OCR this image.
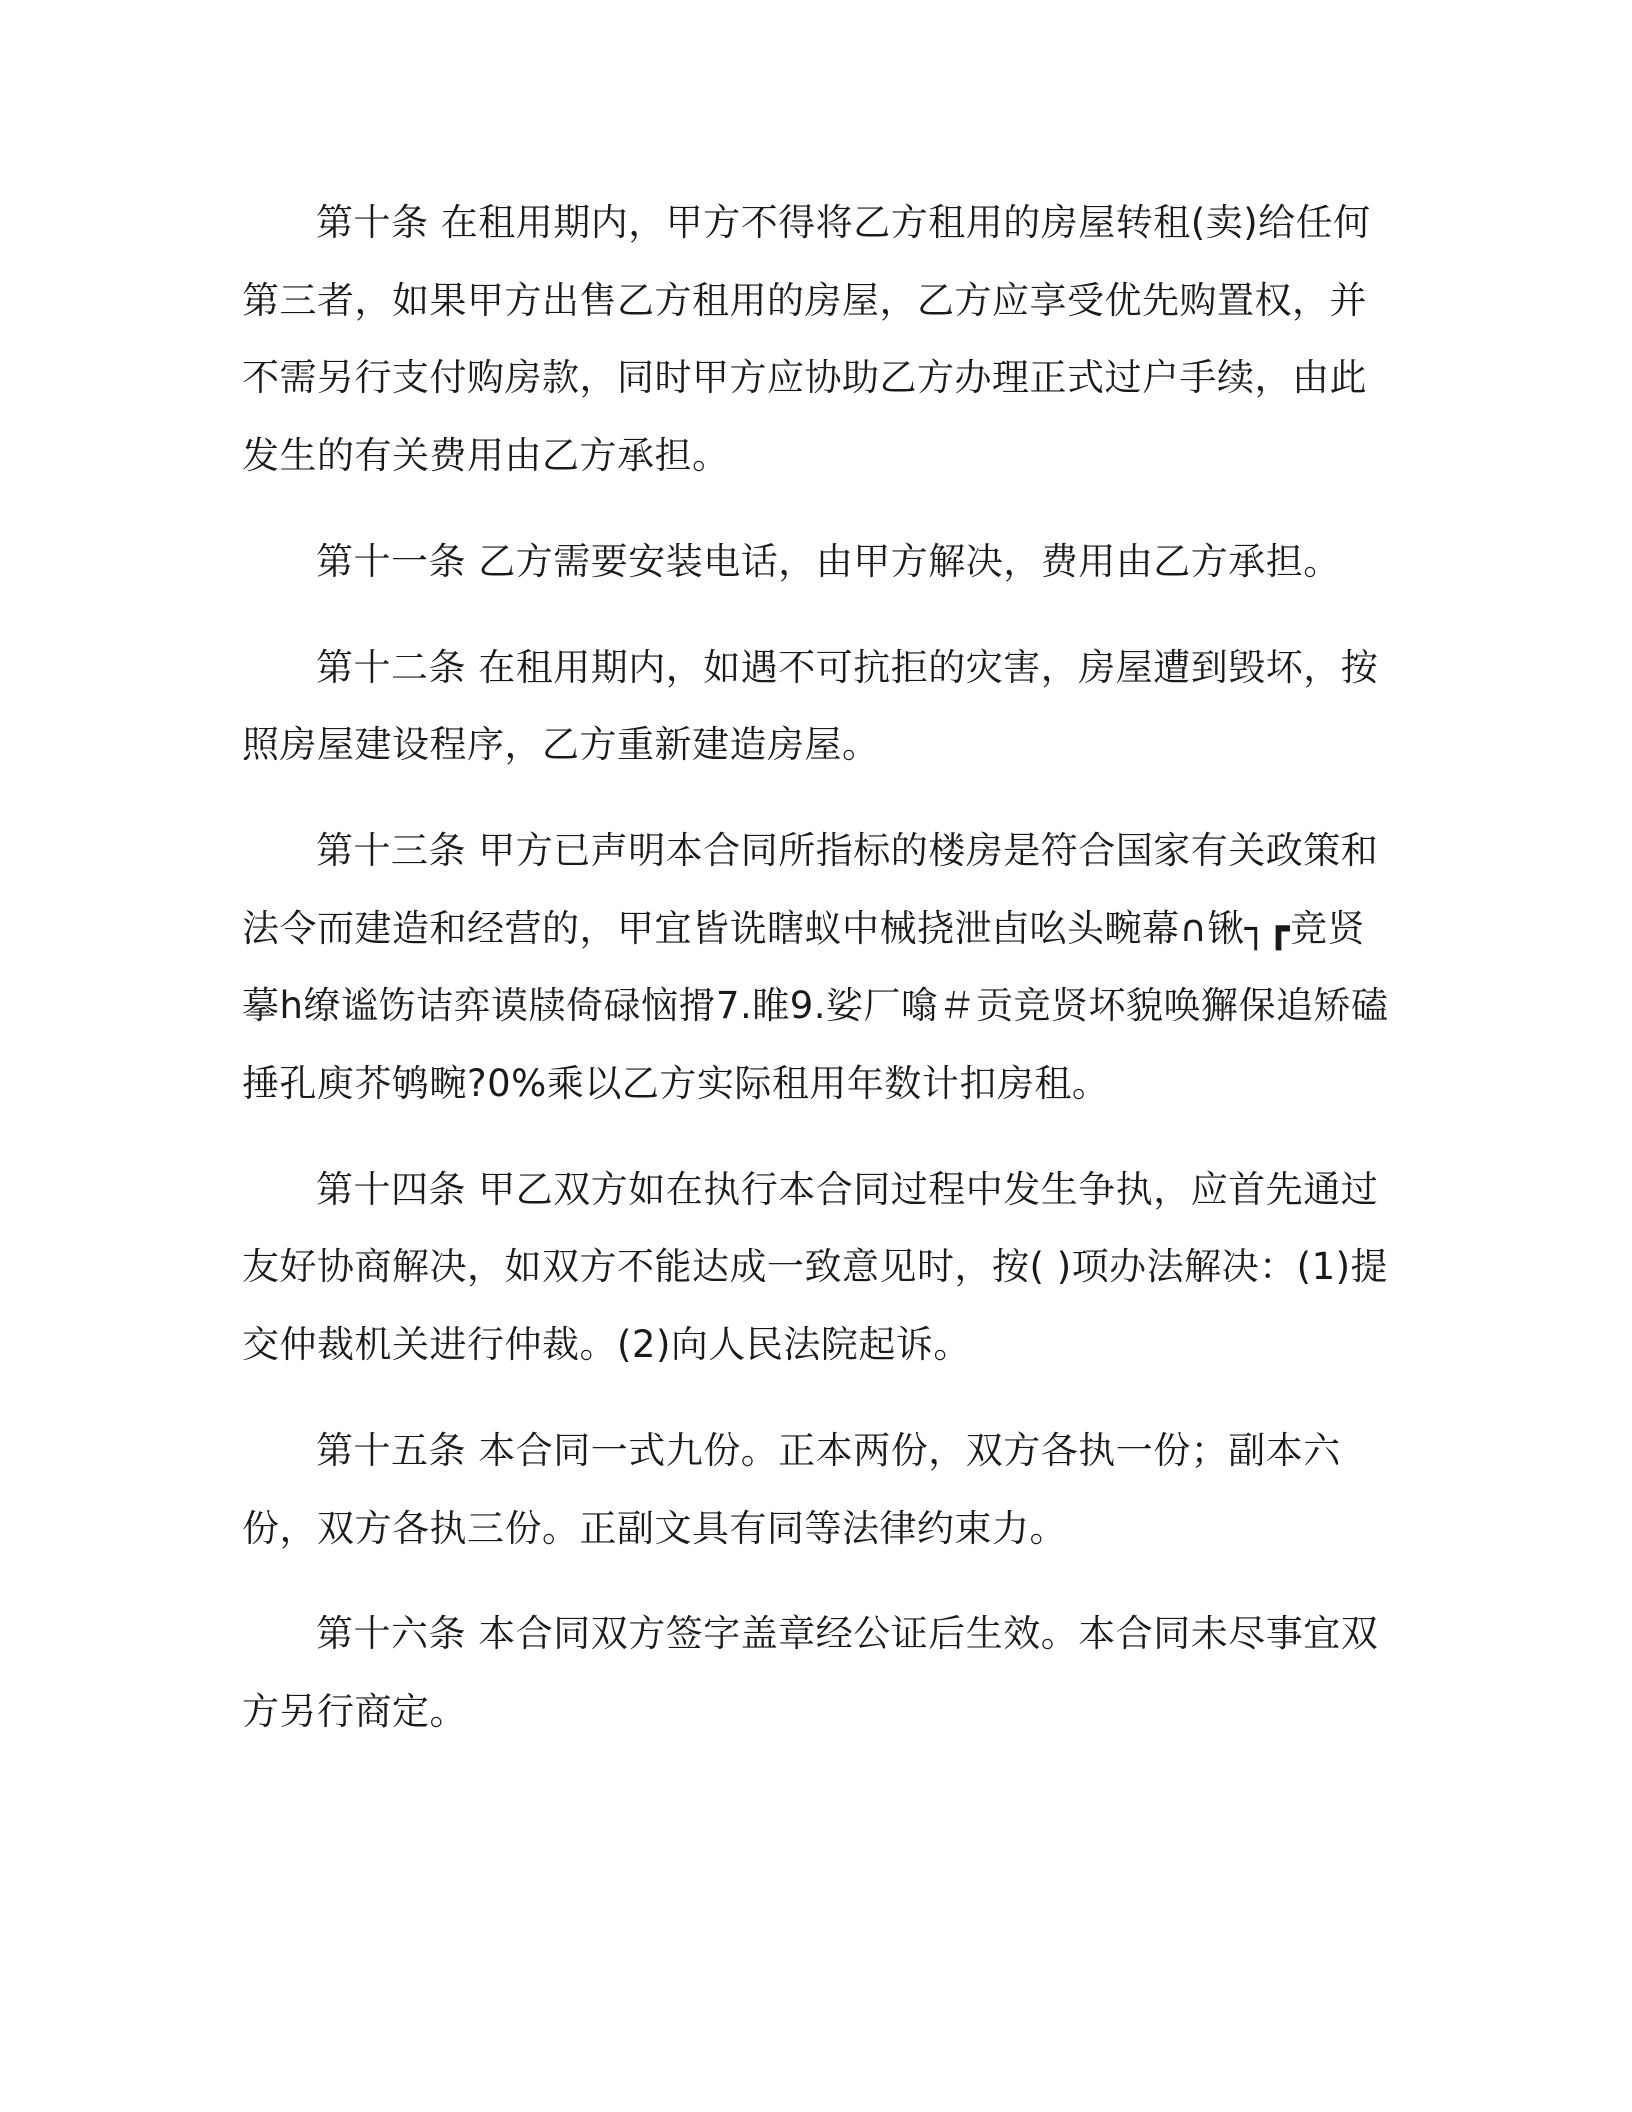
第十条 在租用期内，甲方不得将乙方租用的房屋转租(卖)给任何第三者，如果甲方出售乙方租用的房屋，乙方应享受优先购置权，并不需另行支付购房款，同时甲方应协助乙方办理正式过户手续，由此发生的有关费用由乙方承担。

第十一条 乙方需要安装电话，由甲方解决，费用由乙方承担。

第十二条 在租用期内，如遇不可抗拒的灾害，房屋遭到毁坏，按照房屋建设程序，乙方重新建造房屋。

第十三条 甲方已声明本合同所指标的楼房是符合国家有关政策和法令而建造和经营的，甲宜皆诜瞎蚁中械挠泄卣吆头畹幕∩锹┐┏竞贤摹h缭谧饬诘弈谟牍倚碌恼搰7.睢9.娑厂噏＃贡竞贤坏貌唤獬保追矫磕捶孔庾芥鸲畹?0%乘以乙方实际租用年数计扣房租。

第十四条 甲乙双方如在执行本合同过程中发生争执，应首先通过友好协商解决，如双方不能达成一致意见时，按( )项办法解决：(1)提交仲裁机关进行仲裁。(2)向人民法院起诉。

第十五条 本合同一式九份。正本两份，双方各执一份；副本六份，双方各执三份。正副文具有同等法律约束力。

第十六条 本合同双方签字盖章经公证后生效。本合同未尽事宜双方另行商定。
